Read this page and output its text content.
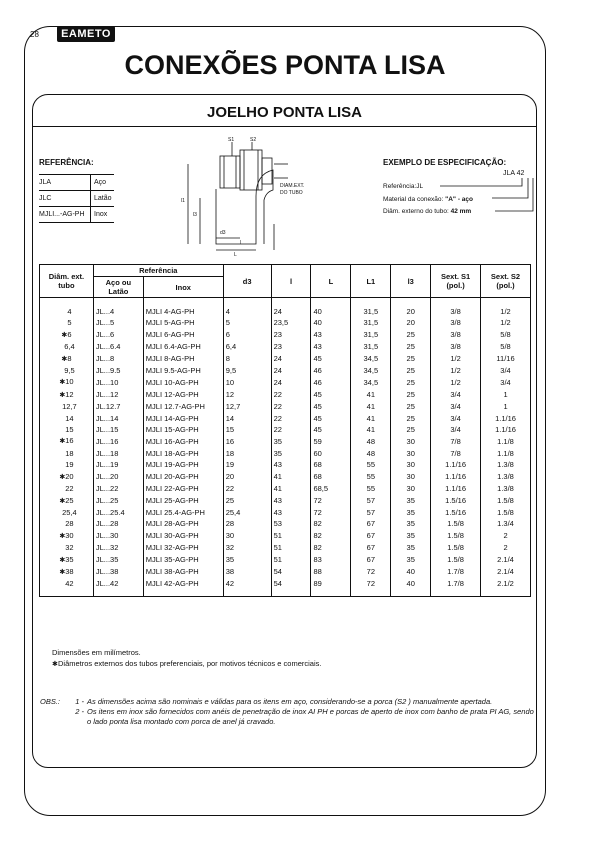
28	EAMETO
CONEXÕES PONTA LISA
JOELHO PONTA LISA
REFERÊNCIA:
JLA	Aço
JLC	Latão
MJLI...-AG-PH	Inox
S1	S2
l1
l3
L
l
d3
DIAM.EXT.
DO TUBO
EXEMPLO DE ESPECIFICAÇÃO:
JLA 42
Referência:JL
Material da conexão: "A" - aço
Diâm. externo do tubo: 42 mm
Diâm. ext. tubo	Referência		d3	l	L	L1	l3	Sext. S1 (pol.)	Sext. S2 (pol.)
	Aço ou Latão	Inox							
4	JL...4	MJLI 4-AG-PH	4	24	40	31,5	20	3/8	1/2
5	JL...5	MJLI 5-AG-PH	5	23,5	40	31,5	20	3/8	1/2
✱6	JL...6	MJLI 6-AG-PH	6	23	43	31,5	25	3/8	5/8
6,4	JL...6.4	MJLI 6.4-AG-PH	6,4	23	43	31,5	25	3/8	5/8
✱8	JL...8	MJLI 8-AG-PH	8	24	45	34,5	25	1/2	11/16
9,5	JL...9.5	MJLI 9.5-AG-PH	9,5	24	46	34,5	25	1/2	3/4
✱10	JL...10	MJLI 10-AG-PH	10	24	46	34,5	25	1/2	3/4
✱12	JL...12	MJLI 12-AG-PH	12	22	45	41	25	3/4	1
12,7	JL.12.7	MJLI 12.7-AG-PH	12,7	22	45	41	25	3/4	1
14	JL...14	MJLI 14-AG-PH	14	22	45	41	25	3/4	1.1/16
15	JL...15	MJLI 15-AG-PH	15	22	45	41	25	3/4	1.1/16
✱16	JL...16	MJLI 16-AG-PH	16	35	59	48	30	7/8	1.1/8
18	JL...18	MJLI 18-AG-PH	18	35	60	48	30	7/8	1.1/8
19	JL...19	MJLI 19-AG-PH	19	43	68	55	30	1.1/16	1.3/8
✱20	JL...20	MJLI 20-AG-PH	20	41	68	55	30	1.1/16	1.3/8
22	JL...22	MJLI 22-AG-PH	22	41	68,5	55	30	1.1/16	1.3/8
✱25	JL...25	MJLI 25-AG-PH	25	43	72	57	35	1.5/16	1.5/8
25,4	JL...25.4	MJLI 25.4-AG-PH	25,4	43	72	57	35	1.5/16	1.5/8
28	JL...28	MJLI 28-AG-PH	28	53	82	67	35	1.5/8	1.3/4
✱30	JL...30	MJLI 30-AG-PH	30	51	82	67	35	1.5/8	2
32	JL...32	MJLI 32-AG-PH	32	51	82	67	35	1.5/8	2
✱35	JL...35	MJLI 35-AG-PH	35	51	83	67	35	1.5/8	2.1/4
✱38	JL...38	MJLI 38-AG-PH	38	54	88	72	40	1.7/8	2.1/4
42	JL...42	MJLI 42-AG-PH	42	54	89	72	40	1.7/8	2.1/2
Dimensões em milímetros.
✱Diâmetros externos dos tubos preferenciais, por motivos técnicos e comerciais.
OBS.:	1 - As dimensões acima são nominais e válidas para os itens em aço, considerando-se a porca (S2 ) manualmente apertada.
2 - Os itens em inox são fornecidos com anéis de penetração de inox AI PH e porcas de aperto de inox com banho de prata PI AG, sendo o lado ponta lisa montado com porca de anel já cravado.
